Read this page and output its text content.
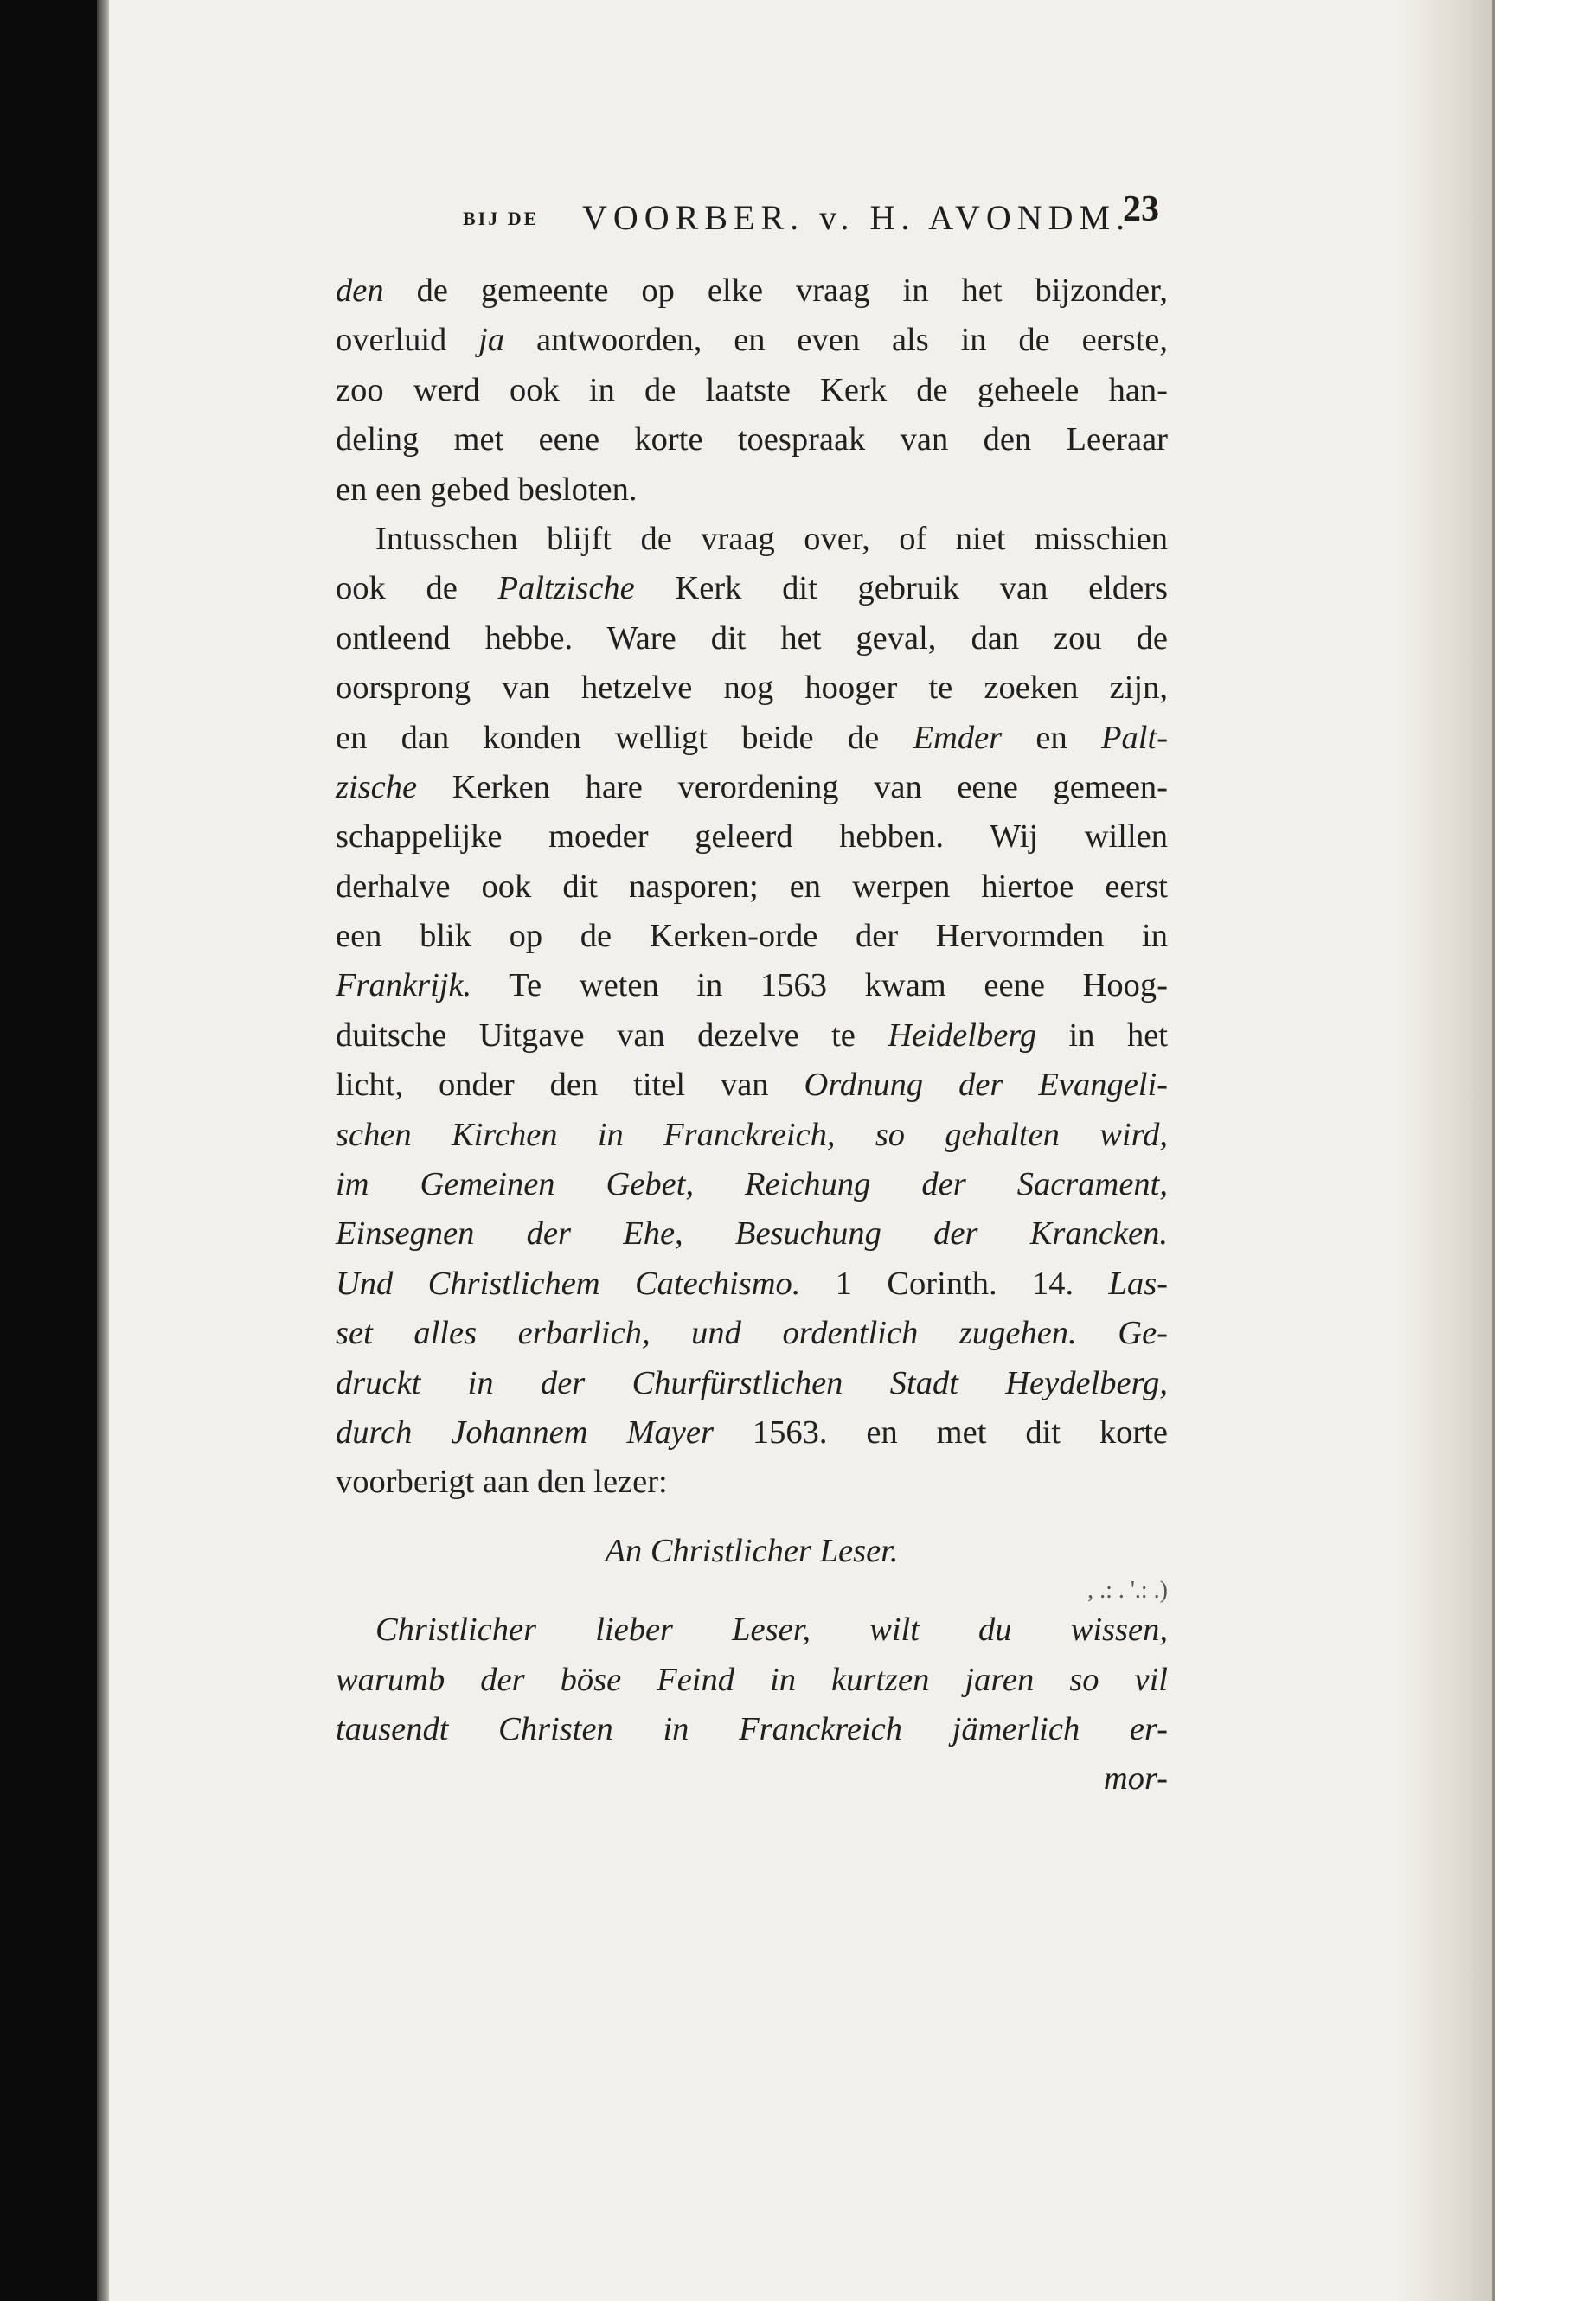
BIJ DE VOORBER. v. H. AVONDM.
23
den de gemeente op elke vraag in het bijzonder,
overluid ja antwoorden, en even als in de eerste,
zoo werd ook in de laatste Kerk de geheele han-
deling met eene korte toespraak van den Leeraar
en een gebed besloten.
Intusschen blijft de vraag over, of niet misschien
ook de Paltzische Kerk dit gebruik van elders
ontleend hebbe. Ware dit het geval, dan zou de
oorsprong van hetzelve nog hooger te zoeken zijn,
en dan konden welligt beide de Emder en Palt-
zische Kerken hare verordening van eene gemeen-
schappelijke moeder geleerd hebben. Wij willen
derhalve ook dit nasporen; en werpen hiertoe eerst
een blik op de Kerken-orde der Hervormden in
Frankrijk. Te weten in 1563 kwam eene Hoog-
duitsche Uitgave van dezelve te Heidelberg in het
licht, onder den titel van Ordnung der Evangeli-
schen Kirchen in Franckreich, so gehalten wird,
im Gemeinen Gebet, Reichung der Sacrament,
Einsegnen der Ehe, Besuchung der Krancken.
Und Christlichem Catechismo. 1 Corinth. 14. Las-
set alles erbarlich, und ordentlich zugehen. Ge-
druckt in der Churfürstlichen Stadt Heydelberg,
durch Johannem Mayer 1563. en met dit korte
voorberigt aan den lezer:
An Christlicher Leser.
, .: . '.: .)
Christlicher lieber Leser, wilt du wissen,
warumb der böse Feind in kurtzen jaren so vil
tausendt Christen in Franckreich jämerlich er-
mor-
